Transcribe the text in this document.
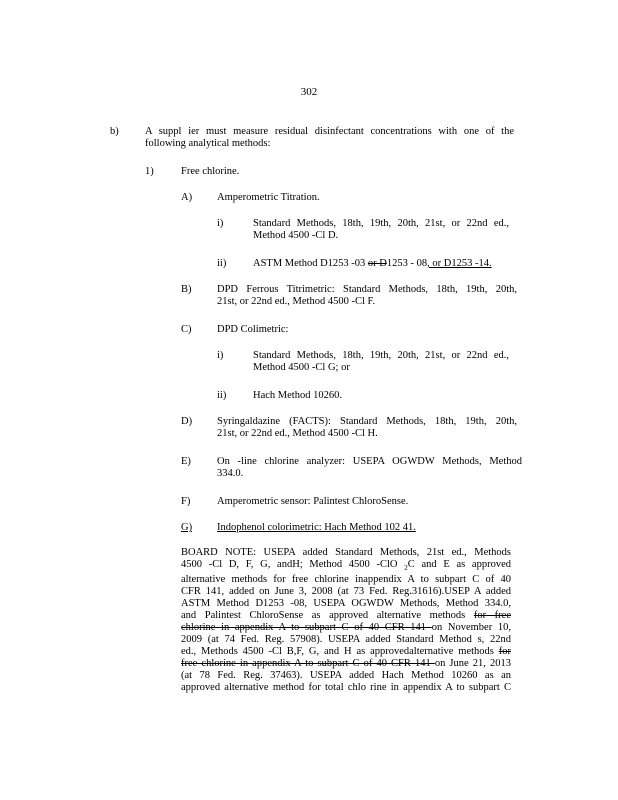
302
b)	A suppl ier must measure residual disinfectant concentrations with one of the
following analytical methods:
1)	Free chlorine.
A) Amperometric Titration.
i)	Standard Methods, 18th, 19th, 20th, 21st, or 22nd ed.,
Method 4500 -Cl D.
ii)	ASTM Method D1253 -03 or D1253 - 08, or D1253 -14.
B) DPD Ferrous Titrimetric: Standard Methods, 18th, 19th, 20th,
21st, or 22nd ed., Method 4500 -Cl F.
C) DPD Colimetric:
i)	Standard Methods, 18th, 19th, 20th, 21st, or 22nd ed.,
Method 4500 -Cl G; or
ii)	Hach Method 10260.
D) Syringaldazine (FACTS): Standard Methods, 18th, 19th, 20th,
21st, or 22nd ed., Method 4500 -Cl H.
E) On -line chlorine analyzer: USEPA OGWDW Methods, Method
334.0.
F)	Amperometric sensor: Palintest ChloroSense.
G) Indophenol colorimetric: Hach Method 102 41.
BOARD NOTE: USEPA added Standard Methods, 21st ed., Methods
4500 -Cl D, F, G, andH; Method 4500 -ClO $_2$C and E as approved
alternative methods for free chlorine inappendix A to subpart C of 40
CFR 141, added on June 3, 2008 (at 73 Fed. Reg.31616).USEP A added
ASTM Method D1253 -08, USEPA OGWDW Methods, Method 334.0,
and Palintest ChloroSense as approved alternative methods for free
chlorine in appendix A to subpart C of 40 CFR 141 on November 10,
2009 (at 74 Fed. Reg. 57908). USEPA added Standard Method s, 22nd
ed., Methods 4500 -Cl B,F, G, and H as approvedalternative methods for
free chlorine in appendix A to subpart C of 40 CFR 141 on June 21, 2013
(at 78 Fed. Reg. 37463). USEPA added Hach Method 10260 as an
approved alternative method for total chlo rine in appendix A to subpart C
